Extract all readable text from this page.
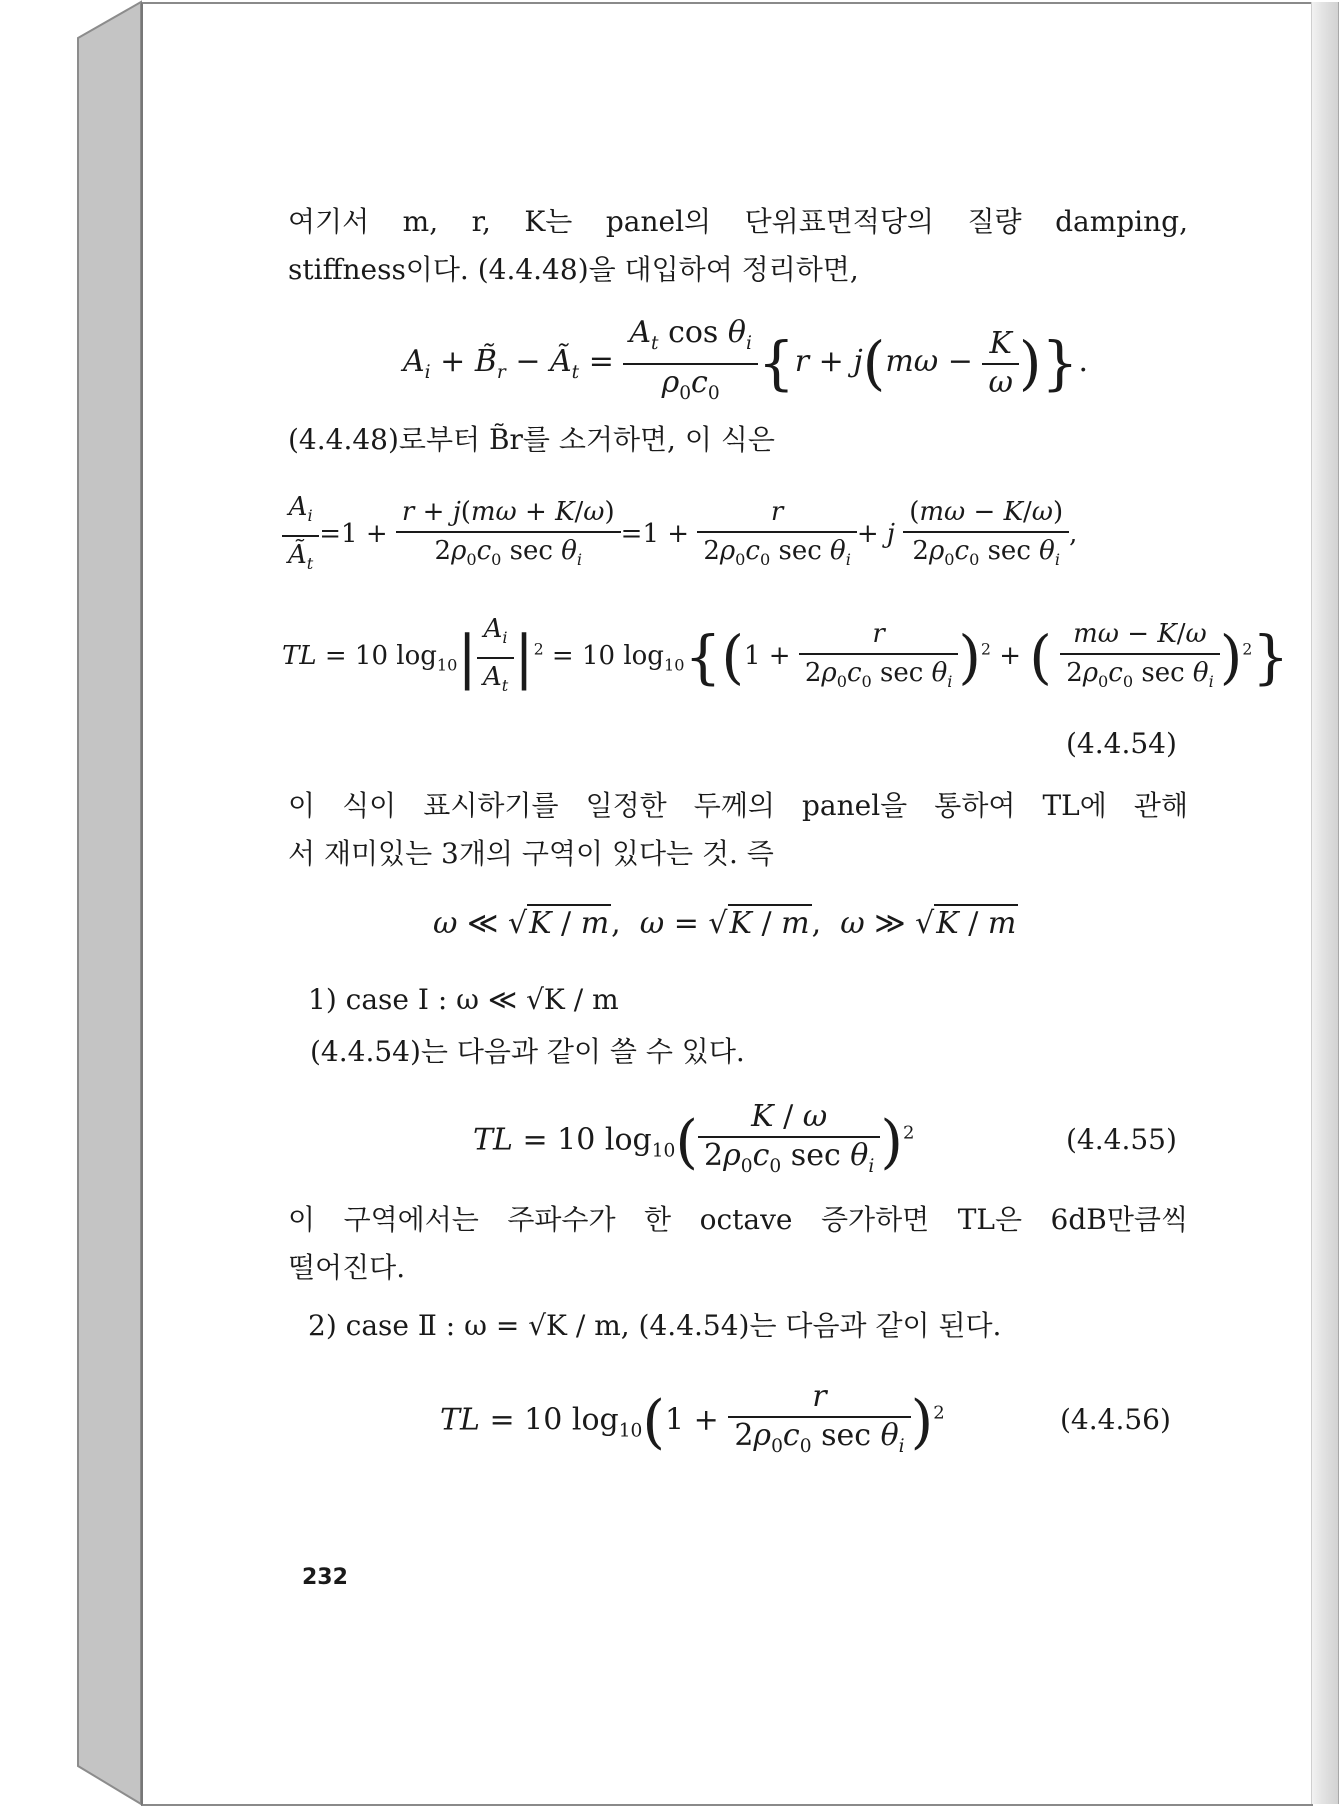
여기서 m, r, K는 panel의 단위표면적당의 질량 damping,
stiffness이다. (4.4.48)을 대입하여 정리하면,
$A_i$ + $B̃_r$ − $Ã_t = \frac{A_t \cos \theta_i}{\rho_0c_0} \{r + j(m\omega - \frac{K}{\omega}$ )}.
(4.4.48)로부터 B̃r를 소거하면, 이 식은
$\frac{A_i}{Ã_t} =1 + \frac{r + j(m\omega + K/\omega)}{2\rho_0c_0 \sec \theta_i} =1 + \frac{r}{2\rho_0c_0 \sec \theta_i} + j \frac{(m\omega - K/\omega)}{2\rho_0c_0 \sec \theta_i}$ ,
TL = 10 $\log_{10}| \frac{A_i}{A_t} |^2 = 10$ $\log_{10}\{(1 + \frac{r}{2\rho_0c_0 \sec \theta_i} )^2$ + ( $\frac{m\omega - K/\omega}{2\rho_0c_0 \sec \theta_i} )^2$}
(4.4.54)
이 식이 표시하기를 일정한 두께의 panel을 통하여 TL에 관해
서 재미있는 3개의 구역이 있다는 것. 즉
ω ≪ √K / m,  ω = √K / m,  ω ≫ √K / m
1) case Ⅰ : ω ≪ √K / m
(4.4.54)는 다음과 같이 쓸 수 있다.
TL = 10 $\log_{10}( \frac{K / \omega}{2\rho_0c_0 \sec \theta_i} )^2$	(4.4.55)
이 구역에서는 주파수가 한 octave 증가하면 TL은 6dB만큼씩
떨어진다.
2) case Ⅱ : ω = √K / m, (4.4.54)는 다음과 같이 된다.
TL = 10 $\log_{10}(1 + \frac{r}{2\rho_0c_0 \sec \theta_i} )^2$	(4.4.56)
232
